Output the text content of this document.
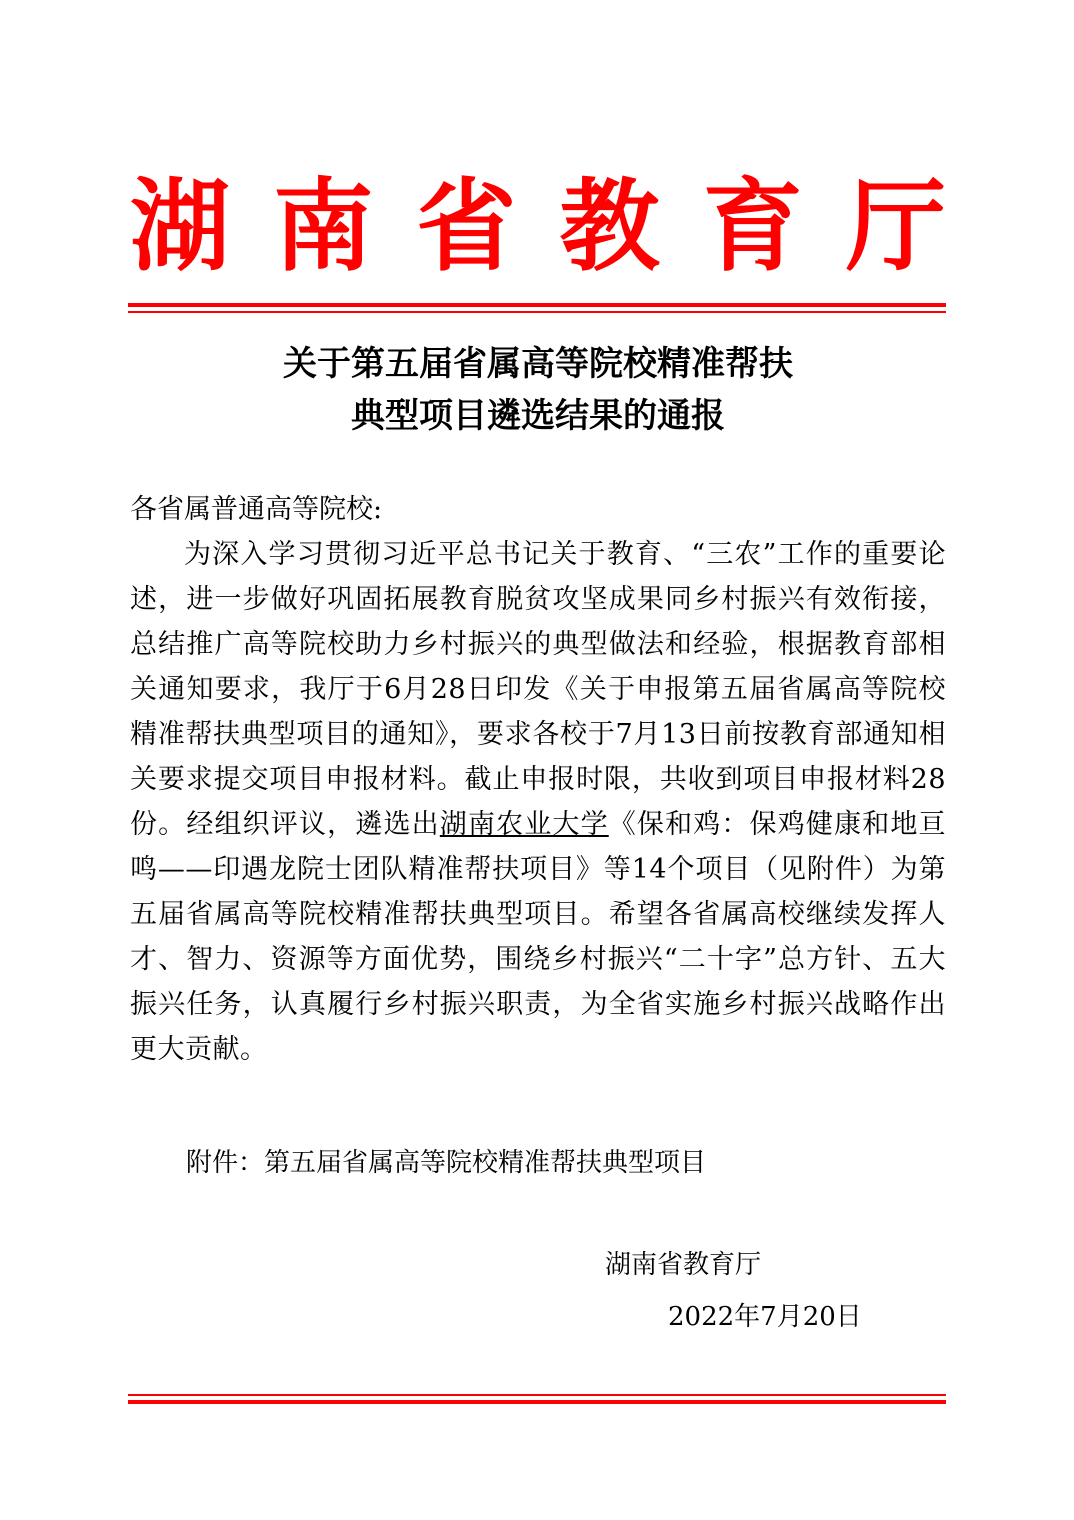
湖 南 省 教 育 厅
关于第五届省属高等院校精准帮扶
典型项目遴选结果的通报

各省属普通高等院校:

为深入学习贯彻习近平总书记关于教育、“三农”工作的重要论述，进一步做好巩固拓展教育脱贫攻坚成果同乡村振兴有效衔接，总结推广高等院校助力乡村振兴的典型做法和经验，根据教育部相关通知要求，我厅于6月28日印发《关于申报第五届省属高等院校精准帮扶典型项目的通知》，要求各校于7月13日前按教育部通知相关要求提交项目申报材料。截止申报时限，共收到项目申报材料28份。经组织评议，遴选出湖南农业大学《保和鸡：保鸡健康和地亘鸣——印遇龙院士团队精准帮扶项目》等14个项目（见附件）为第五届省属高等院校精准帮扶典型项目。希望各省属高校继续发挥人才、智力、资源等方面优势，围绕乡村振兴“二十字”总方针、五大振兴任务，认真履行乡村振兴职责，为全省实施乡村振兴战略作出更大贡献。

附件：第五届省属高等院校精准帮扶典型项目
湖南省教育厅
2022年7月20日
